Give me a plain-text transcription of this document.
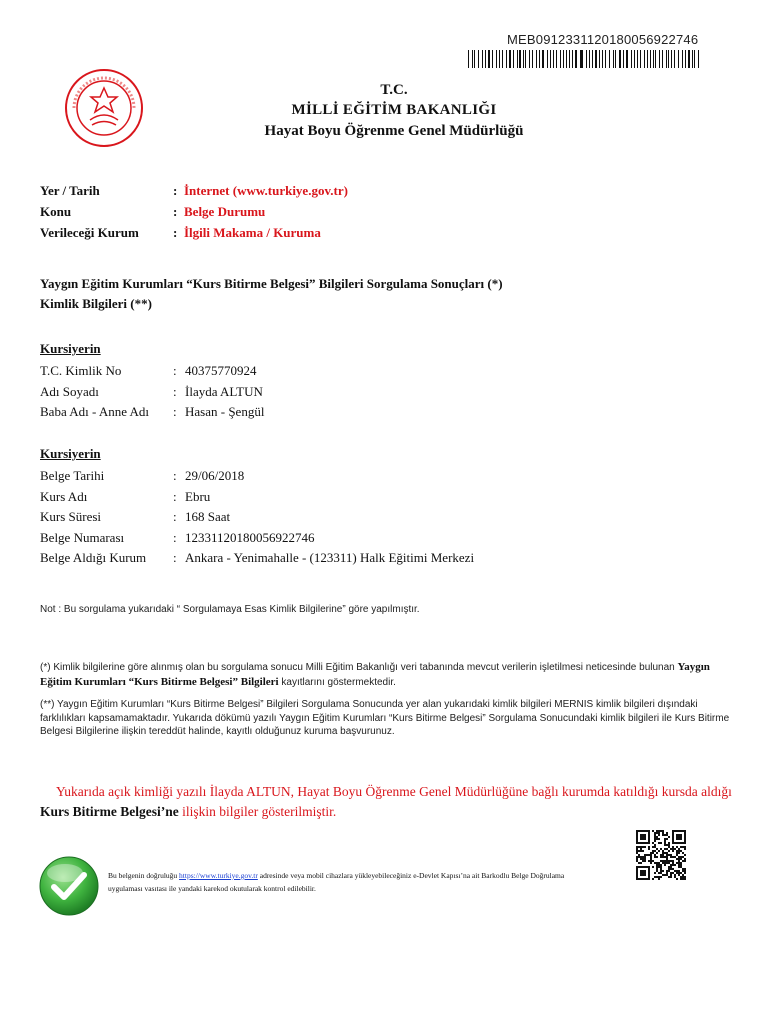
MEB09123311201800569227​46
T.C.
MİLLİ EĞİTİM BAKANLIĞI
Hayat Boyu Öğrenme Genel Müdürlüğü
Yer / Tarih	: İnternet (www.turkiye.gov.tr)
Konu	: Belge Durumu
Verileceği Kurum	: İlgili Makama / Kuruma
Yaygın Eğitim Kurumları “Kurs Bitirme Belgesi” Bilgileri Sorgulama Sonuçları (*)
Kimlik Bilgileri (**)
Kursiyerin
T.C. Kimlik No	: 40375770924
Adı Soyadı	: İlayda ALTUN
Baba Adı - Anne Adı	: Hasan - Şengül
Kursiyerin
Belge Tarihi	: 29/06/2018
Kurs Adı	: Ebru
Kurs Süresi	: 168 Saat
Belge Numarası	: 12331120180056922746
Belge Aldığı Kurum	: Ankara - Yenimahalle - (123311) Halk Eğitimi Merkezi
Not : Bu sorgulama yukarıdaki “ Sorgulamaya Esas Kimlik Bilgilerine” göre yapılmıştır.
(*) Kimlik bilgilerine göre alınmış olan bu sorgulama sonucu Milli Eğitim Bakanlığı veri tabanında mevcut verilerin işletilmesi neticesinde bulunan Yaygın Eğitim Kurumları “Kurs Bitirme Belgesi” Bilgileri kayıtlarını göstermektedir.
(**) Yaygın Eğitim Kurumları “Kurs Bitirme Belgesi” Bilgileri Sorgulama Sonucunda yer alan yukarıdaki kimlik bilgileri MERNIS kimlik bilgileri dışındaki farklılıkları kapsamamaktadır. Yukarıda dökümü yazılı Yaygın Eğitim Kurumları “Kurs Bitirme Belgesi” Sorgulama Sonucundaki kimlik bilgileri ile Kurs Bitirme Belgesi Bilgilerine ilişkin tereddüt halinde, kayıtlı olduğunuz kuruma başvurunuz.
Yukarıda açık kimliği yazılı İlayda ALTUN, Hayat Boyu Öğrenme Genel Müdürlüğüne bağlı kurumda katıldığı kursda aldığı Kurs Bitirme Belgesi’ne ilişkin bilgiler gösterilmiştir.
Bu belgenin doğruluğu https://www.turkiye.gov.tr adresinde veya mobil cihazlara yükleyebileceğiniz e-Devlet Kapısı’na ait Barkodlu Belge Doğrulama uygulaması vasıtası ile yandaki karekod okutularak kontrol edilebilir.
